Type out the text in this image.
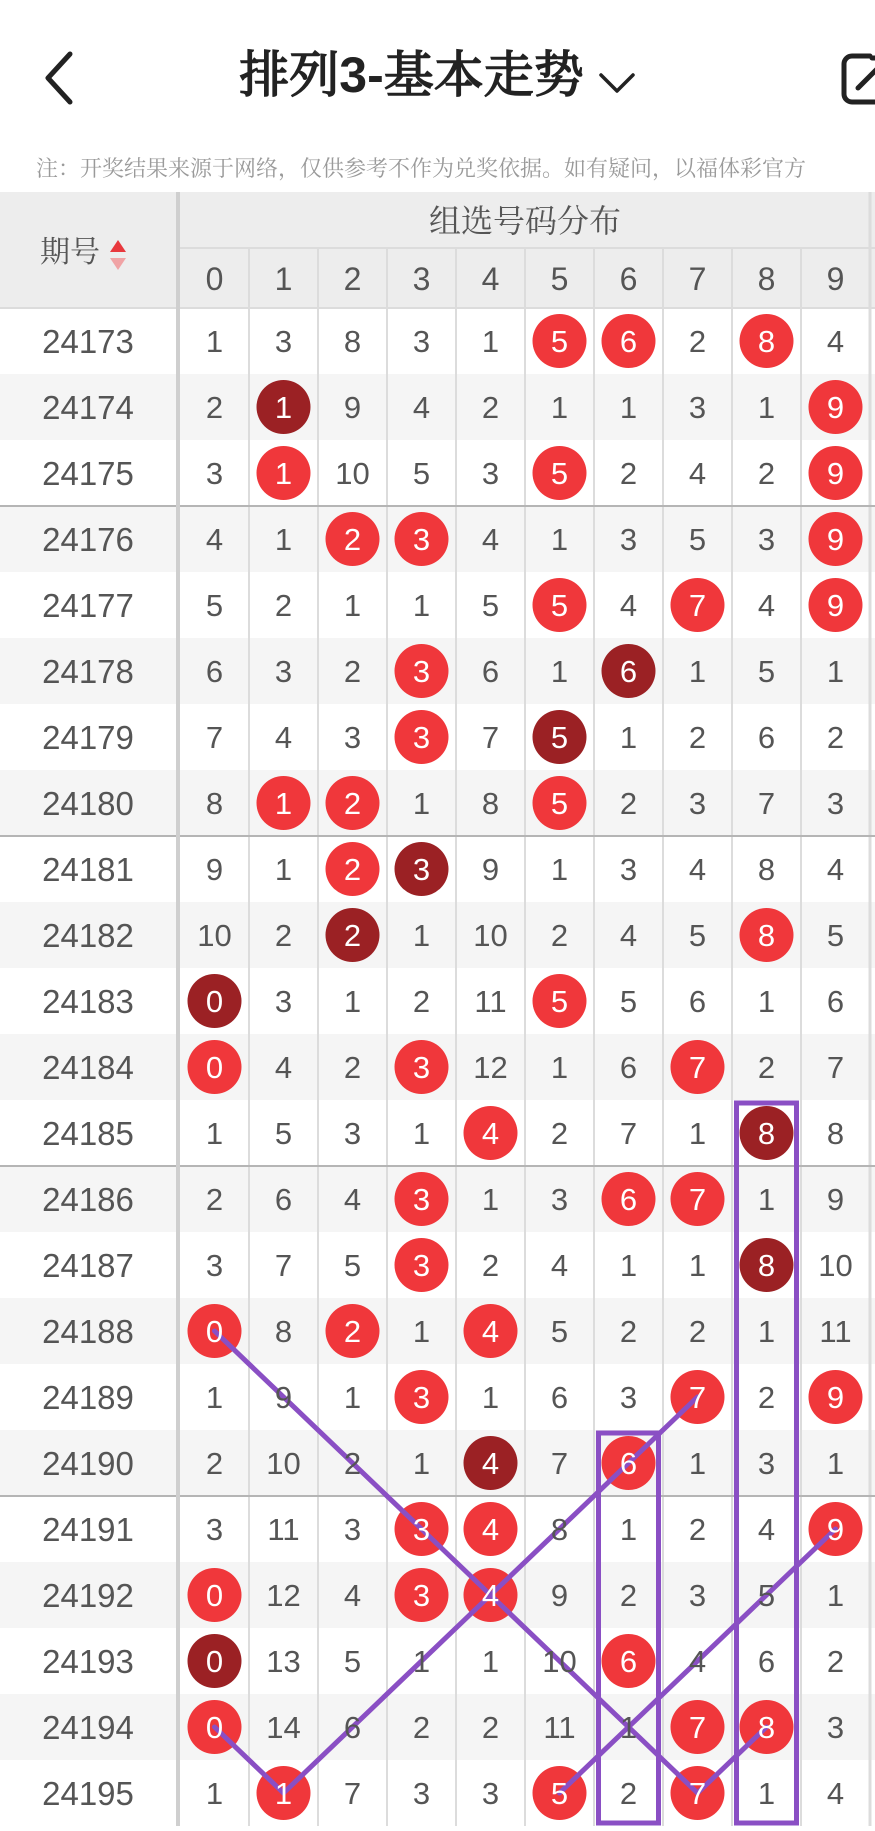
排列3-基本走势
注：开奖结果来源于网络，仅供参考不作为兑奖依据。如有疑问，以福体彩官方
期号
组选号码分布
0 1 2 3 4 5 6 7 8 9
24173
24174
24175
24176
24177
24178
24179
24180
24181
24182
24183
24184
24185
24186
24187
24188
24189
24190
24191
24192
24193
24194
24195
1 3 8 3 1 5 6 2 8 4
2 1 9 4 2 1 1 3 1 9
3 1 10 5 3 5 2 4 2 9
4 1 2 3 4 1 3 5 3 9
5 2 1 1 5 5 4 7 4 9
6 3 2 3 6 1 6 1 5 1
7 4 3 3 7 5 1 2 6 2
8 1 2 1 8 5 2 3 7 3
9 1 2 3 9 1 3 4 8 4
10 2 2 1 10 2 4 5 8 5
0 3 1 2 11 5 5 6 1 6
0 4 2 3 12 1 6 7 2 7
1 5 3 1 4 2 7 1 8 8
2 6 4 3 1 3 6 7 1 9
3 7 5 3 2 4 1 1 8 10
0 8 2 1 4 5 2 2 1 11
1 9 1 3 1 6 3 7 2 9
2 10 2 1 4 7 6 1 3 1
3 11 3 3 4 8 1 2 4 9
0 12 4 3 4 9 2 3 5 1
0 13 5 1 1 10 6 4 6 2
0 14 6 2 2 11 1 7 8 3
1 1 7 3 3 5 2 7 1 4
